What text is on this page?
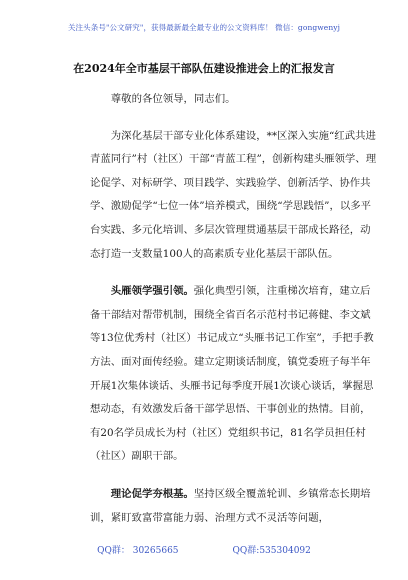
关注头条号"公文研究"，获得最新最全最专业的公文资料库！ 微信：gongwenyj
在2024年全市基层干部队伍建设推进会上的汇报发言

尊敬的各位领导，同志们。

为深化基层干部专业化体系建设，**区深入实施“红武共进青蓝同行”村（社区）干部“青蓝工程”，创新构建头雁领学、理论促学、对标研学、项目践学、实践验学、创新活学、协作共学、激励促学“七位一体”培养模式，围绕“学思践悟”，以多平台实践、多元化培训、多层次管理贯通基层干部成长路径，动态打造一支数量100人的高素质专业化基层干部队伍。

头雁领学强引领。强化典型引领，注重梯次培育，建立后备干部结对帮带机制，围绕全省百名示范村书记蒋健、李文斌等13位优秀村（社区）书记成立“头雁书记工作室”，手把手教方法、面对面传经验。建立定期谈话制度，镇党委班子每半年开展1次集体谈话、头雁书记每季度开展1次谈心谈话，掌握思想动态，有效激发后备干部学思悟、干事创业的热情。目前，有20名学员成长为村（社区）党组织书记，81名学员担任村（社区）副职干部。

理论促学夯根基。坚持区级全覆盖轮训、乡镇常态长期培训，紧盯致富带富能力弱、治理方式不灵活等问题，

QQ群： 30265665	QQ群:535304092
